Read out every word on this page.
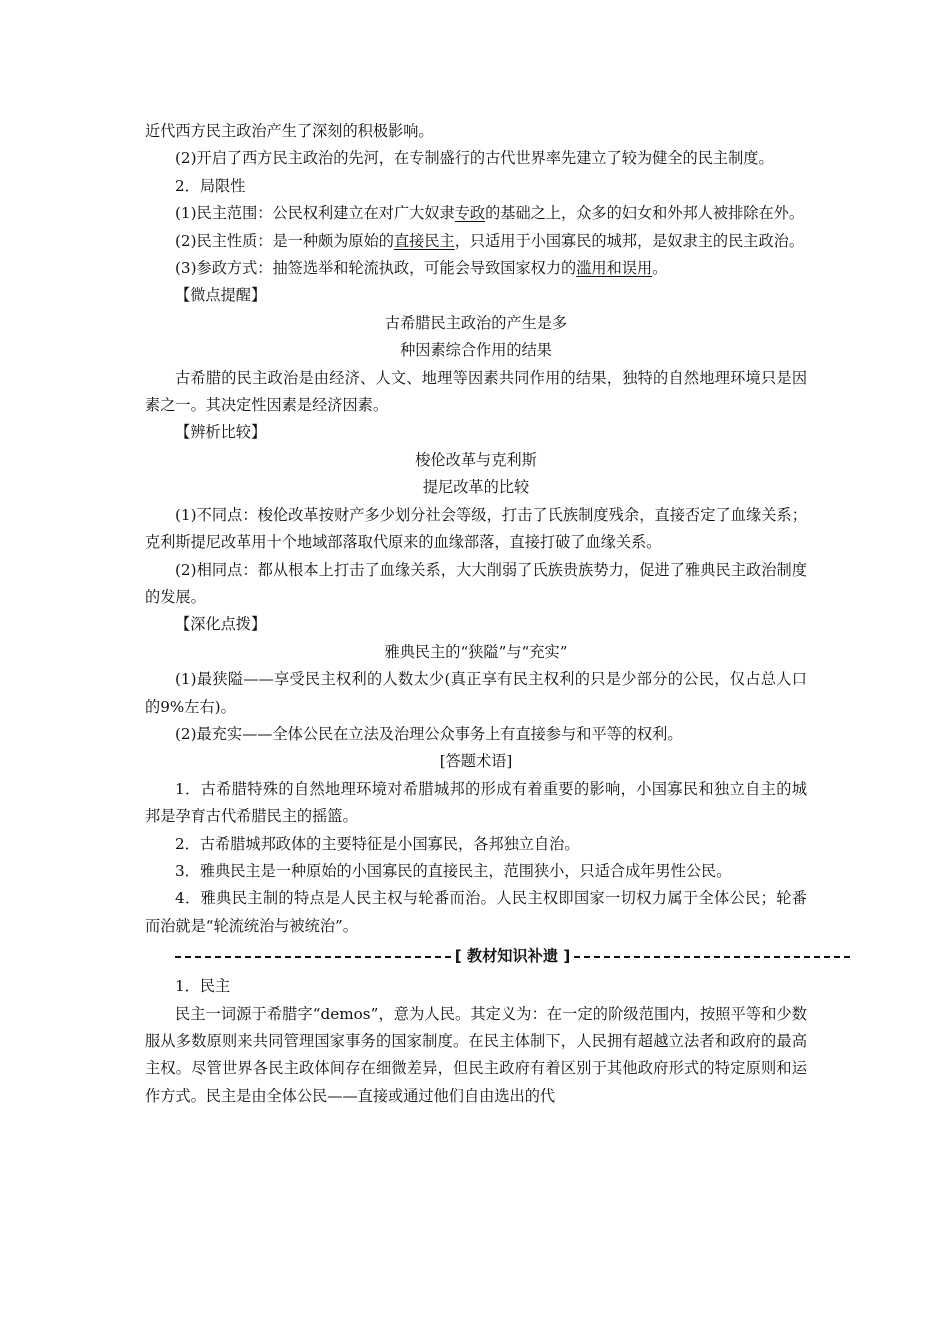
近代西方民主政治产生了深刻的积极影响。

(2)开启了西方民主政治的先河，在专制盛行的古代世界率先建立了较为健全的民主制度。

2．局限性

(1)民主范围：公民权利建立在对广大奴隶专政的基础之上，众多的妇女和外邦人被排除在外。

(2)民主性质：是一种颇为原始的直接民主，只适用于小国寡民的城邦，是奴隶主的民主政治。

(3)参政方式：抽签选举和轮流执政，可能会导致国家权力的滥用和误用。

【微点提醒】

古希腊民主政治的产生是多

种因素综合作用的结果

古希腊的民主政治是由经济、人文、地理等因素共同作用的结果，独特的自然地理环境只是因素之一。其决定性因素是经济因素。

【辨析比较】

梭伦改革与克利斯

提尼改革的比较

(1)不同点：梭伦改革按财产多少划分社会等级，打击了氏族制度残余，直接否定了血缘关系；克利斯提尼改革用十个地域部落取代原来的血缘部落，直接打破了血缘关系。

(2)相同点：都从根本上打击了血缘关系，大大削弱了氏族贵族势力，促进了雅典民主政治制度的发展。

【深化点拨】

雅典民主的“狭隘”与“充实”

(1)最狭隘——享受民主权利的人数太少(真正享有民主权利的只是少部分的公民，仅占总人口的9%左右)。

(2)最充实——全体公民在立法及治理公众事务上有直接参与和平等的权利。

[答题术语]

1．古希腊特殊的自然地理环境对希腊城邦的形成有着重要的影响，小国寡民和独立自主的城邦是孕育古代希腊民主的摇篮。

2．古希腊城邦政体的主要特征是小国寡民，各邦独立自治。

3．雅典民主是一种原始的小国寡民的直接民主，范围狭小，只适合成年男性公民。

4．雅典民主制的特点是人民主权与轮番而治。人民主权即国家一切权力属于全体公民；轮番而治就是“轮流统治与被统治”。

[ 教材知识补遗 ]

1．民主

民主一词源于希腊字“demos”，意为人民。其定义为：在一定的阶级范围内，按照平等和少数服从多数原则来共同管理国家事务的国家制度。在民主体制下，人民拥有超越立法者和政府的最高主权。尽管世界各民主政体间存在细微差异，但民主政府有着区别于其他政府形式的特定原则和运作方式。民主是由全体公民——直接或通过他们自由选出的代
